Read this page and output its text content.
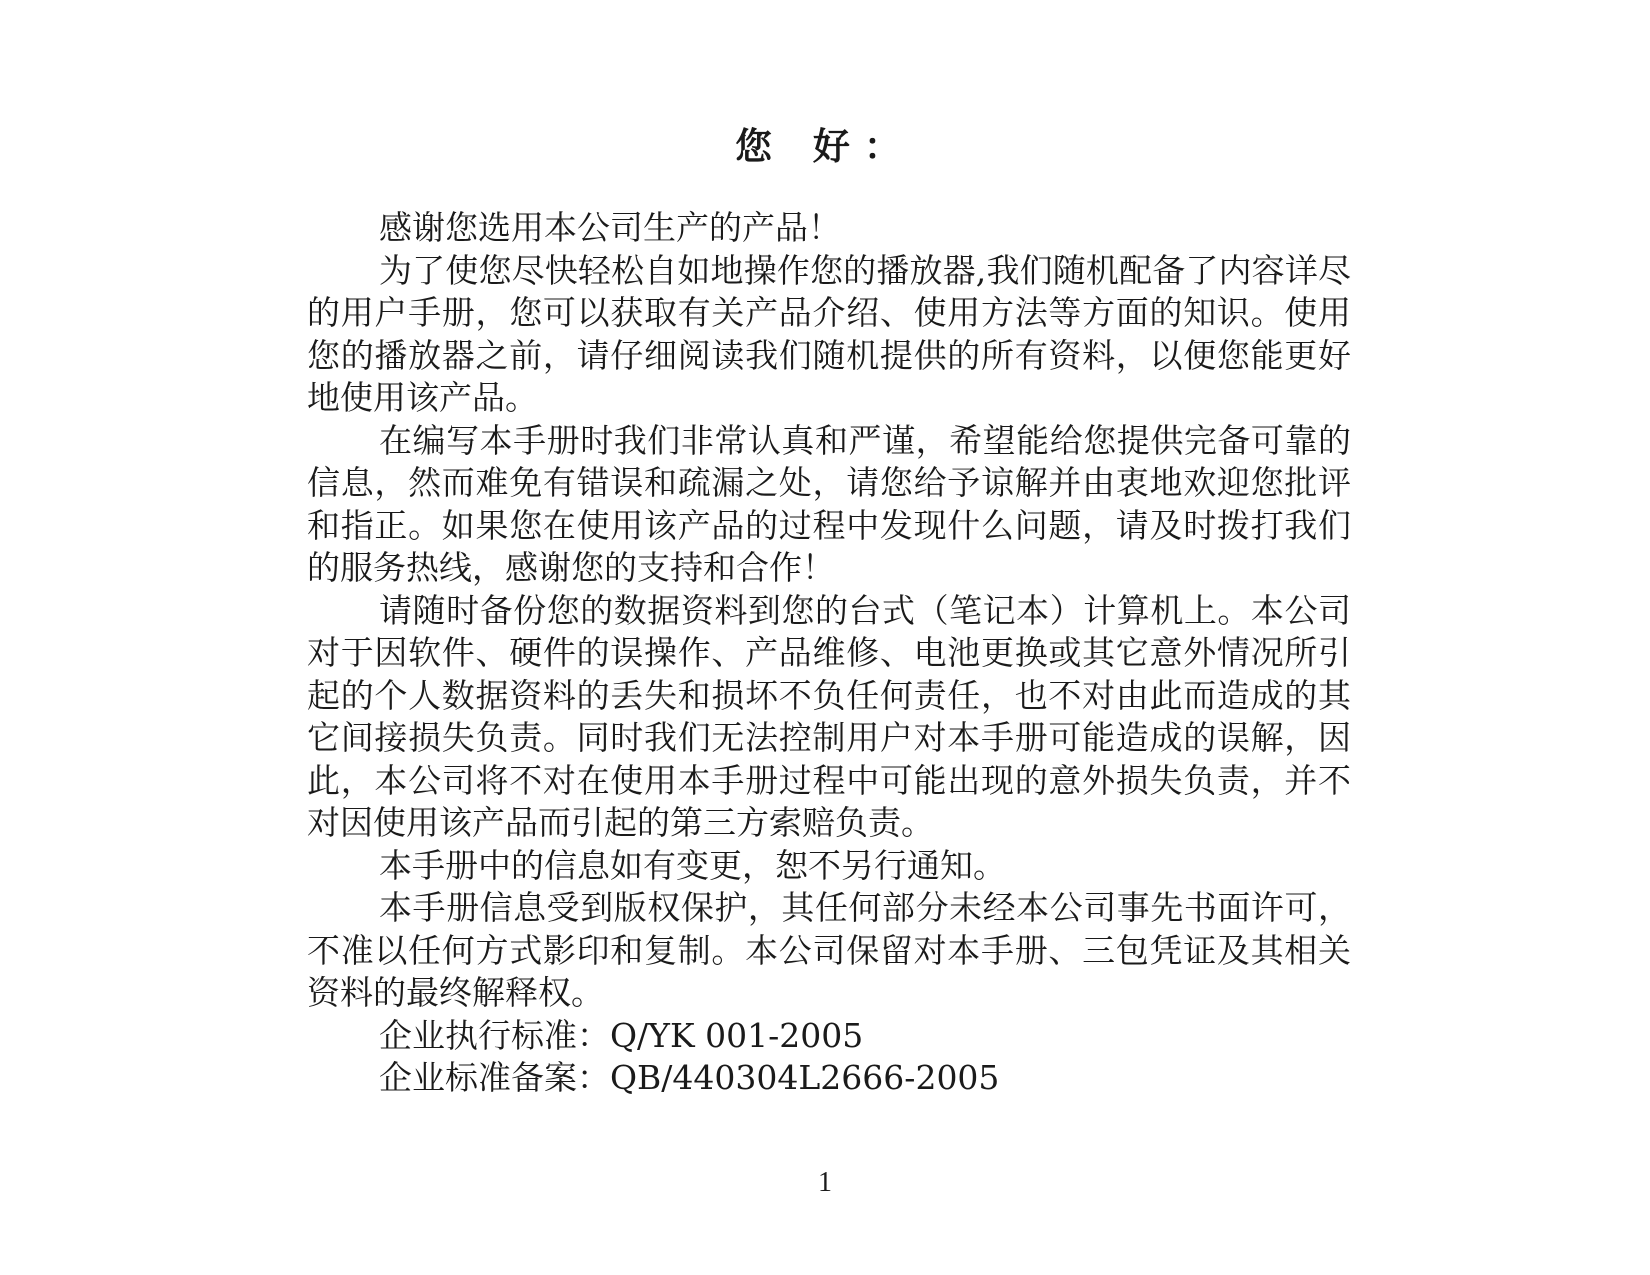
您 好：

感谢您选用本公司生产的产品！

为了使您尽快轻松自如地操作您的播放器,我们随机配备了内容详尽的用户手册，您可以获取有关产品介绍、使用方法等方面的知识。使用您的播放器之前，请仔细阅读我们随机提供的所有资料，以便您能更好地使用该产品。

在编写本手册时我们非常认真和严谨，希望能给您提供完备可靠的信息，然而难免有错误和疏漏之处，请您给予谅解并由衷地欢迎您批评和指正。如果您在使用该产品的过程中发现什么问题，请及时拨打我们的服务热线，感谢您的支持和合作！

请随时备份您的数据资料到您的台式（笔记本）计算机上。本公司对于因软件、硬件的误操作、产品维修、电池更换或其它意外情况所引起的个人数据资料的丢失和损坏不负任何责任，也不对由此而造成的其它间接损失负责。同时我们无法控制用户对本手册可能造成的误解，因此，本公司将不对在使用本手册过程中可能出现的意外损失负责，并不对因使用该产品而引起的第三方索赔负责。

本手册中的信息如有变更，恕不另行通知。

本手册信息受到版权保护，其任何部分未经本公司事先书面许可，不准以任何方式影印和复制。本公司保留对本手册、三包凭证及其相关资料的最终解释权。

企业执行标准：Q/YK 001-2005
企业标准备案：QB/440304L2666-2005
1
